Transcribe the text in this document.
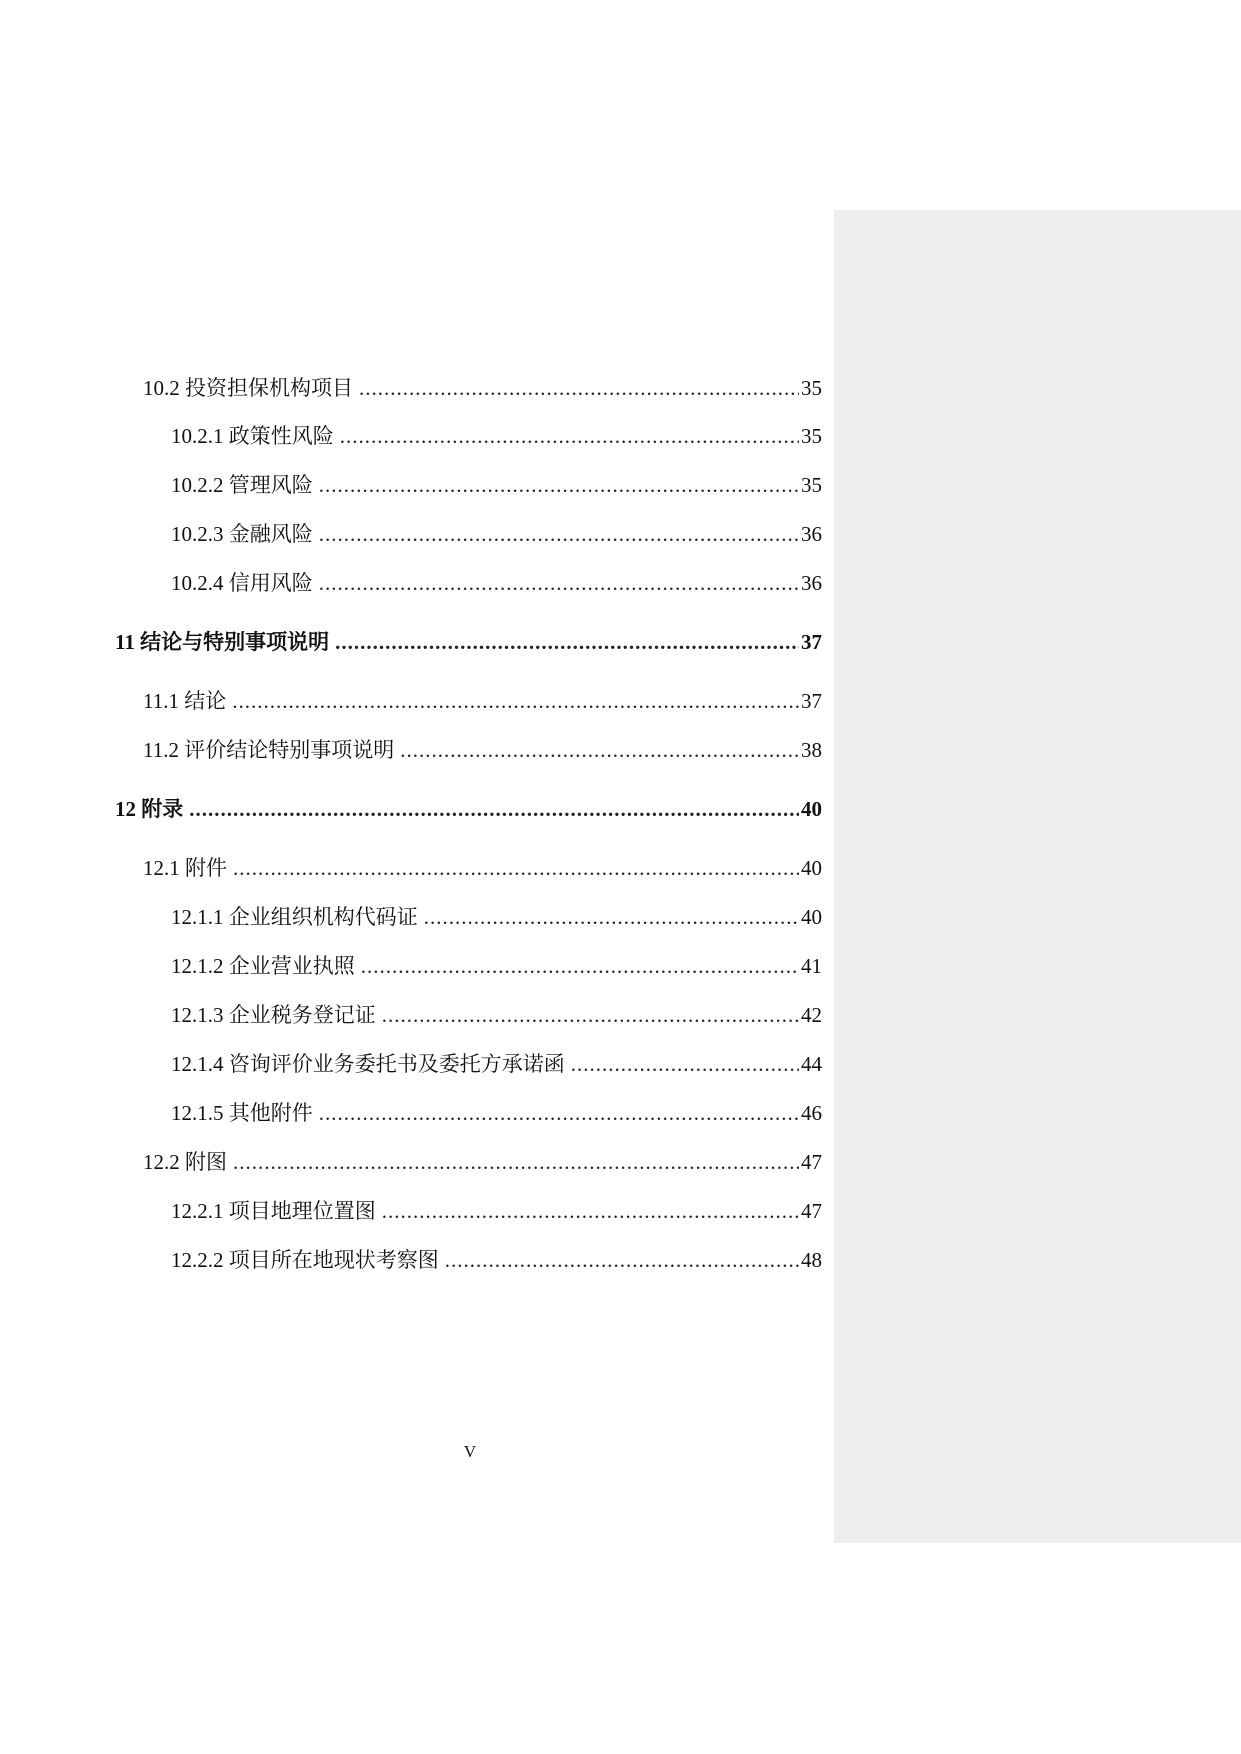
10.2 投资担保机构项目 .....	35
10.2.1 政策性风险 .....	35
10.2.2 管理风险 .....	35
10.2.3 金融风险 .....	36
10.2.4 信用风险 .....	36
11 结论与特别事项说明 .....	37
11.1 结论 .....	37
11.2 评价结论特别事项说明 .....	38
12 附录 .....	40
12.1 附件 .....	40
12.1.1 企业组织机构代码证 .....	40
12.1.2 企业营业执照 .....	41
12.1.3 企业税务登记证 .....	42
12.1.4 咨询评价业务委托书及委托方承诺函 .....	44
12.1.5 其他附件 .....	46
12.2 附图 .....	47
12.2.1 项目地理位置图 .....	47
12.2.2 项目所在地现状考察图 .....	48
V
